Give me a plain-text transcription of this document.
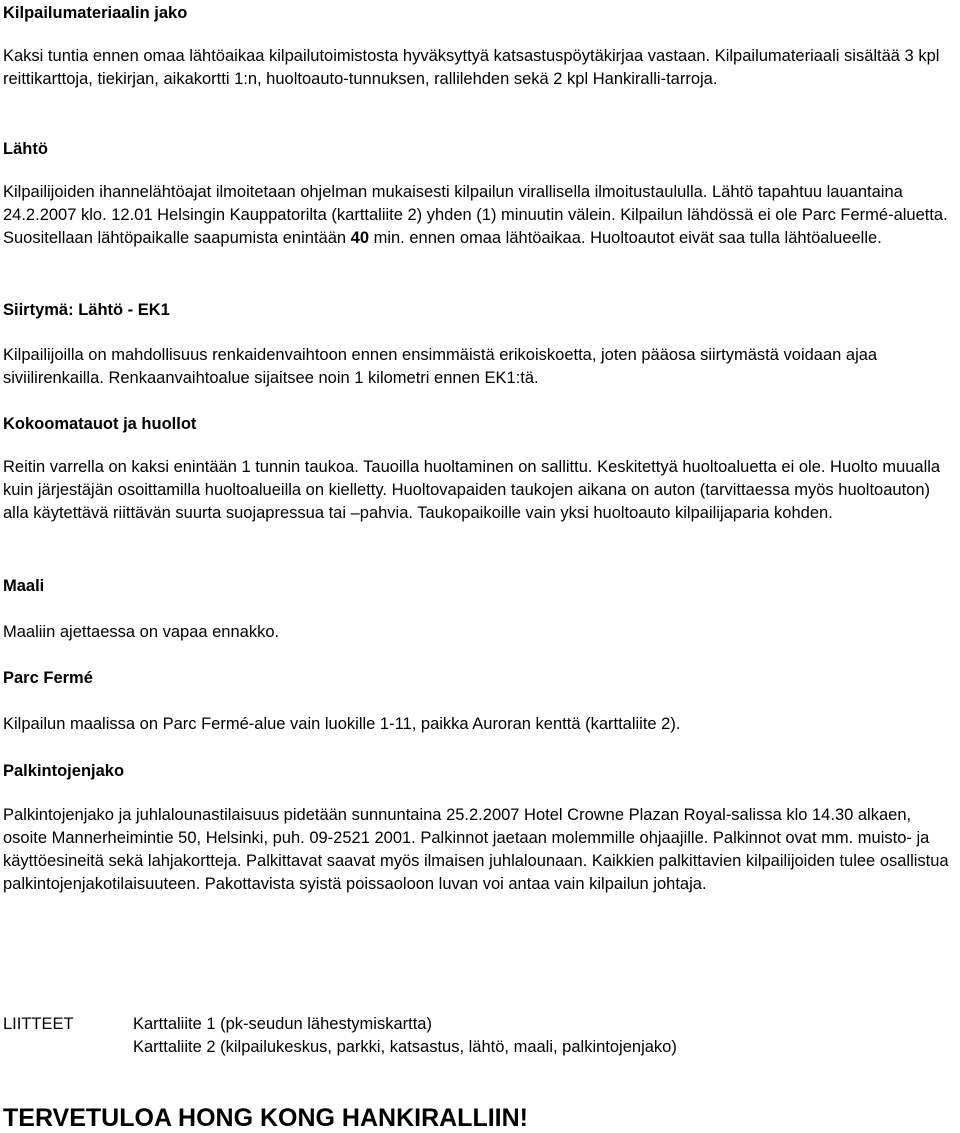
Kilpailumateriaalin jako

Kaksi tuntia ennen omaa lähtöaikaa kilpailutoimistosta hyväksyttyä katsastuspöytäkirjaa vastaan. Kilpailumateriaali sisältää 3 kpl reittikarttoja, tiekirjan, aikakortti 1:n, huoltoauto-tunnuksen, rallilehden sekä 2 kpl Hankiralli-tarroja.

Lähtö

Kilpailijoiden ihannelähtöajat ilmoitetaan ohjelman mukaisesti kilpailun virallisella ilmoitustaululla. Lähtö tapahtuu lauantaina 24.2.2007 klo. 12.01 Helsingin Kauppatorilta (karttaliite 2) yhden (1) minuutin välein. Kilpailun lähdössä ei ole Parc Fermé-aluetta. Suositellaan lähtöpaikalle saapumista enintään 40 min. ennen omaa lähtöaikaa. Huoltoautot eivät saa tulla lähtöalueelle.

Siirtymä: Lähtö - EK1

Kilpailijoilla on mahdollisuus renkaidenvaihtoon ennen ensimmäistä erikoiskoetta, joten pääosa siirtymästä voidaan ajaa siviilirenkailla. Renkaanvaihtoalue sijaitsee noin 1 kilometri ennen EK1:tä.

Kokoomatauot ja huollot

Reitin varrella on kaksi enintään 1 tunnin taukoa. Tauoilla huoltaminen on sallittu. Keskitettyä huoltoaluetta ei ole. Huolto muualla kuin järjestäjän osoittamilla huoltoalueilla on kielletty. Huoltovapaiden taukojen aikana on auton (tarvittaessa myös huoltoauton) alla käytettävä riittävän suurta suojapressua tai –pahvia. Taukopaikoille vain yksi huoltoauto kilpailijaparia kohden.

Maali

Maaliin ajettaessa on vapaa ennakko.

Parc Fermé

Kilpailun maalissa on Parc Fermé-alue vain luokille 1-11, paikka Auroran kenttä (karttaliite 2).

Palkintojenjako

Palkintojenjako ja juhlalounastilaisuus pidetään sunnuntaina 25.2.2007 Hotel Crowne Plazan Royal-salissa klo 14.30 alkaen, osoite Mannerheimintie 50, Helsinki, puh. 09-2521 2001. Palkinnot jaetaan molemmille ohjaajille. Palkinnot ovat mm. muisto- ja käyttöesineitä sekä lahjakortteja. Palkittavat saavat myös ilmaisen juhlalounaan. Kaikkien palkittavien kilpailijoiden tulee osallistua palkintojenjakotilaisuuteen. Pakottavista syistä poissaoloon luvan voi antaa vain kilpailun johtaja.

LIITTEET	Karttaliite 1 (pk-seudun lähestymiskartta)
Karttaliite 2 (kilpailukeskus, parkki, katsastus, lähtö, maali, palkintojenjako)
TERVETULOA HONG KONG HANKIRALLIIN!
